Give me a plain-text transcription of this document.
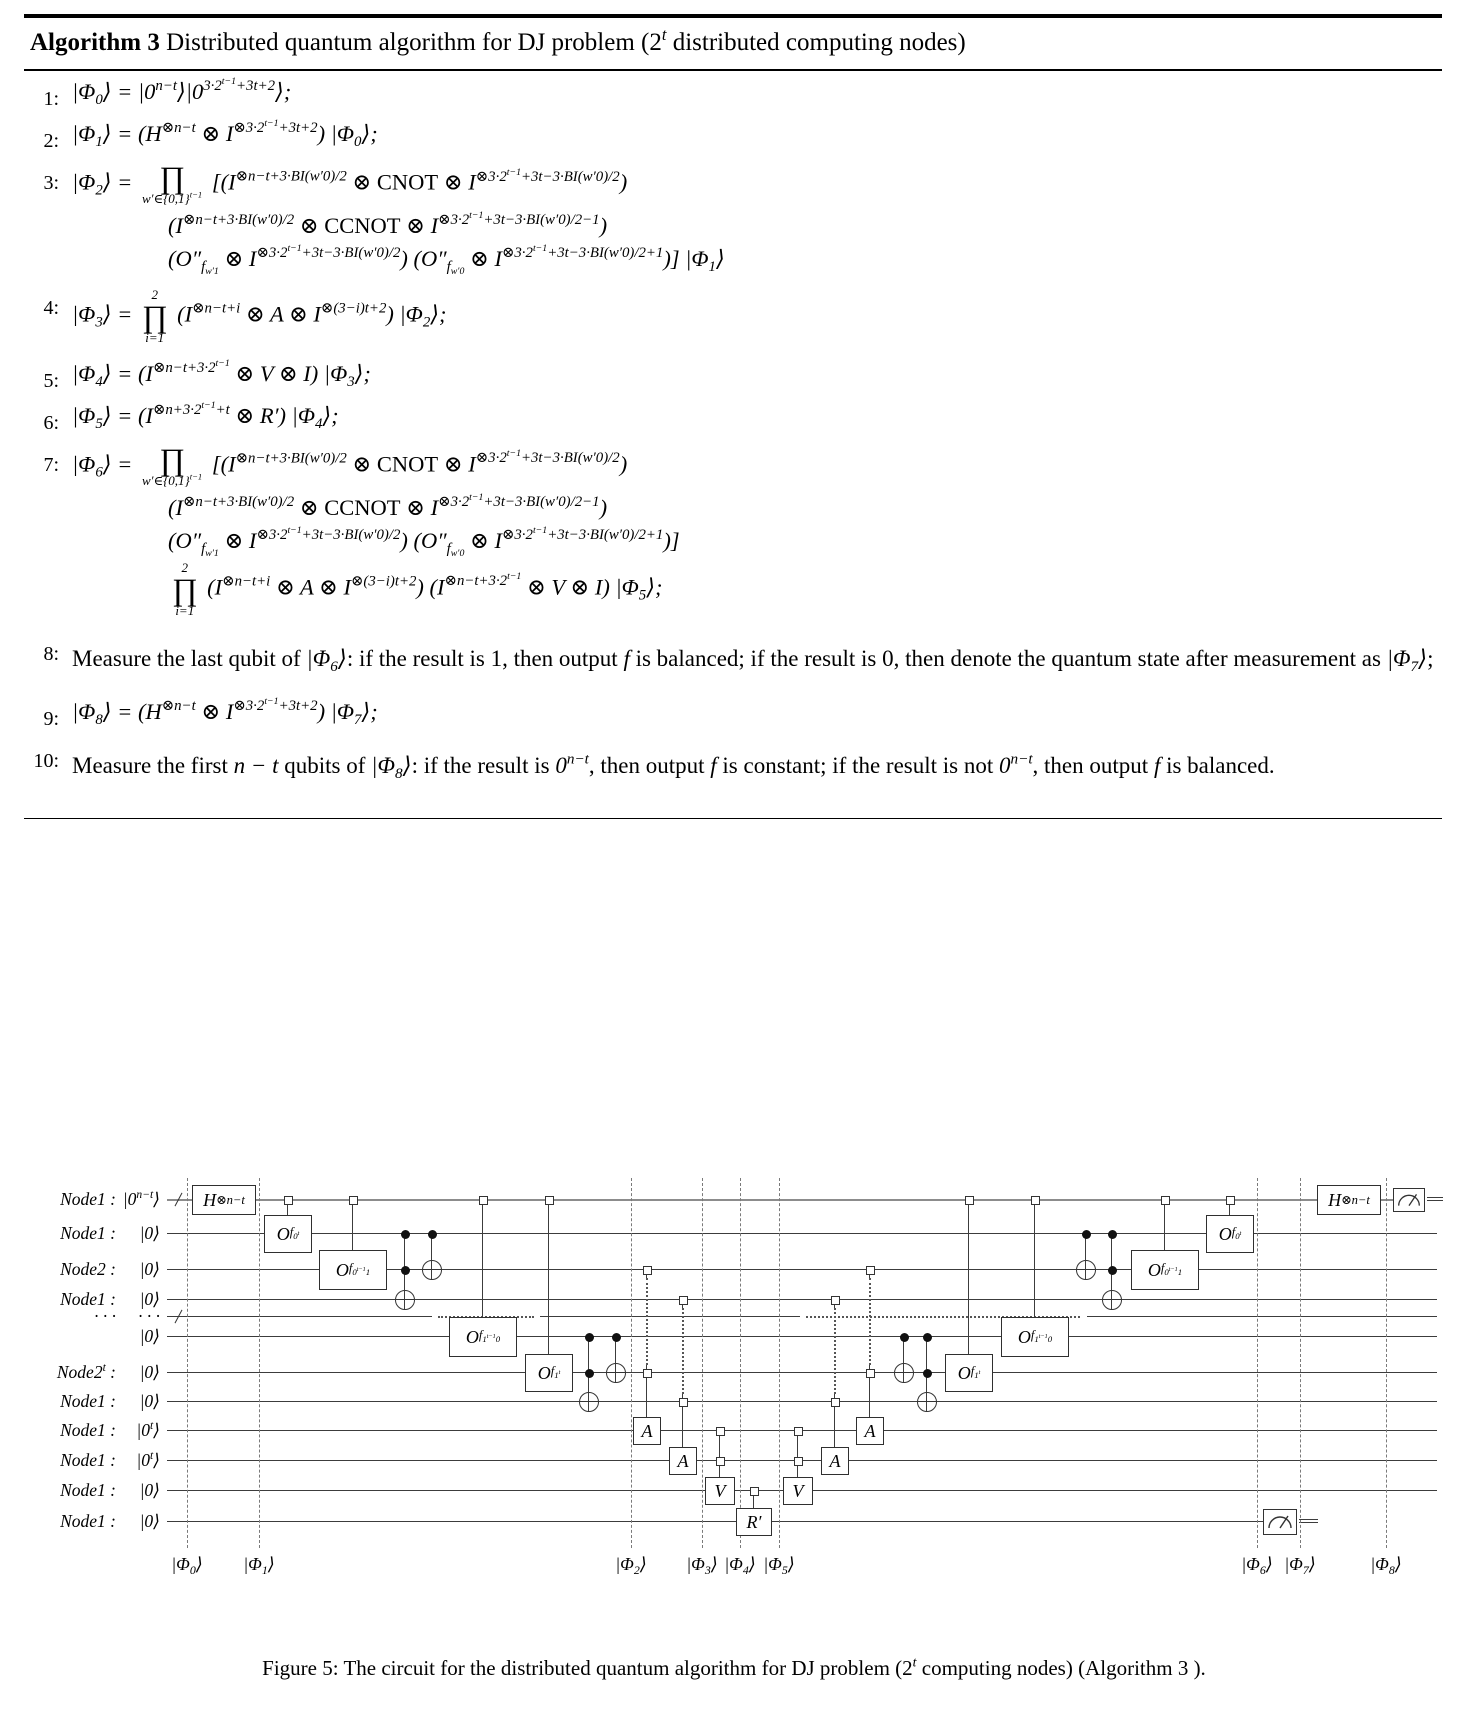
Algorithm 3 Distributed quantum algorithm for DJ problem (2$^t$ distributed computing nodes)
1: $|\Phi_0⟩$ = $|0^{n-t}⟩|0^{3\cdot 2^{t-1}+3t+2}⟩$;
2: $|\Phi_1⟩ = (H^{\otimes n-t}$ ⊗ $I^{\otimes 3\cdot 2^{t-1}+3t+2}$) $|\Phi_0⟩$;
3: $|\Phi_2⟩$ = ∏
$w'\in\{0,1\}^{t-1}$
[($I^{\otimes n-t+3\cdot BI(w'0)/2}$ ⊗ CNOT ⊗ $I^{\otimes 3\cdot 2^{t-1}+3t-3\cdot BI(w'0)/2}$)
($I^{\otimes n-t+3\cdot BI(w'0)/2}$ ⊗ CCNOT ⊗ $I^{\otimes 3\cdot 2^{t-1}+3t-3\cdot BI(w'0)/2-1}$)
($O''_{f_{w'1}}$ ⊗ $I^{\otimes 3\cdot 2^{t-1}+3t-3\cdot BI(w'0)/2}$) ($O''_{f_{w'0}}$ ⊗ $I^{\otimes 3\cdot 2^{t-1}+3t-3\cdot BI(w'0)/2+1}$)] $|\Phi_1⟩$
4: $|\Phi_3⟩$ =
2
∏
i=1
($I^{\otimes n-t+i}$ ⊗ A ⊗ $I^{\otimes(3-i)t+2}$) $|\Phi_2⟩$;
5: $|\Phi_4⟩ = (I^{\otimes n-t+3\cdot 2^{t-1}}$ ⊗ V ⊗ I) $|\Phi_3⟩$;
6: $|\Phi_5⟩ = (I^{\otimes n+3\cdot 2^{t-1}+t}$ ⊗ R′) $|\Phi_4⟩$;
7: $|\Phi_6⟩$ = ∏
$w'\in\{0,1\}^{t-1}$
[($I^{\otimes n-t+3\cdot BI(w'0)/2}$ ⊗ CNOT ⊗ $I^{\otimes 3\cdot 2^{t-1}+3t-3\cdot BI(w'0)/2}$)
($I^{\otimes n-t+3\cdot BI(w'0)/2}$ ⊗ CCNOT ⊗ $I^{\otimes 3\cdot 2^{t-1}+3t-3\cdot BI(w'0)/2-1}$)
($O''_{f_{w'1}}$ ⊗ $I^{\otimes 3\cdot 2^{t-1}+3t-3\cdot BI(w'0)/2}$) ($O''_{f_{w'0}}$ ⊗ $I^{\otimes 3\cdot 2^{t-1}+3t-3\cdot BI(w'0)/2+1}$)]
2
∏
i=1
($I^{\otimes n-t+i}$ ⊗ A ⊗ $I^{\otimes(3-i)t+2}$) ($I^{\otimes n-t+3\cdot 2^{t-1}}$ ⊗ V ⊗ I) $|\Phi_5⟩$;
8: Measure the last qubit of $|\Phi_6⟩$: if the result is 1, then output f is balanced; if the result is 0, then denote the quantum state after measurement as $|\Phi_7⟩$;
9: $|\Phi_8⟩ = (H^{\otimes n-t}$ ⊗ $I^{\otimes 3\cdot 2^{t-1}+3t+2}$) $|\Phi_7⟩$;
10: Measure the first n − t qubits of $|\Phi_8⟩$: if the result is $0^{n-t}$, then output f is constant; if the result is not $0^{n-t}$, then output f is balanced.
Node1 : $|0^{n-t}⟩$
Node1 :	|0⟩
Node2 :	|0⟩
Node1 :	|0⟩
· · ·	· · ·
|0⟩
Node2$^t$ :	|0⟩
Node1 :	|0⟩
Node1 :	|0$^t$⟩
Node1 :	|0$^t$⟩
Node1 :	|0⟩
Node1 :	|0⟩
$|\Phi_0⟩$ $|\Phi_1⟩$	$|\Phi_2⟩$ $|\Phi_3⟩$ $|\Phi_4⟩$ $|\Phi_5⟩$	$|\Phi_6⟩$ $|\Phi_7⟩$	$|\Phi_8⟩$
H ⊗n−t
O $f_{0^t}$
O $f_{0^{t-1}1}$
O $f_{1^{t-1}0}$
O $f_{1^t}$
A
A
V
R′
V
A
A
O $f_{1^t}$
O $f_{1^{t-1}0}$
O $f_{0^{t-1}1}$
O $f_{0^t}$
H ⊗n−t
Figure 5: The circuit for the distributed quantum algorithm for DJ problem (2$^t$ computing nodes) (Algorithm 3 ).
